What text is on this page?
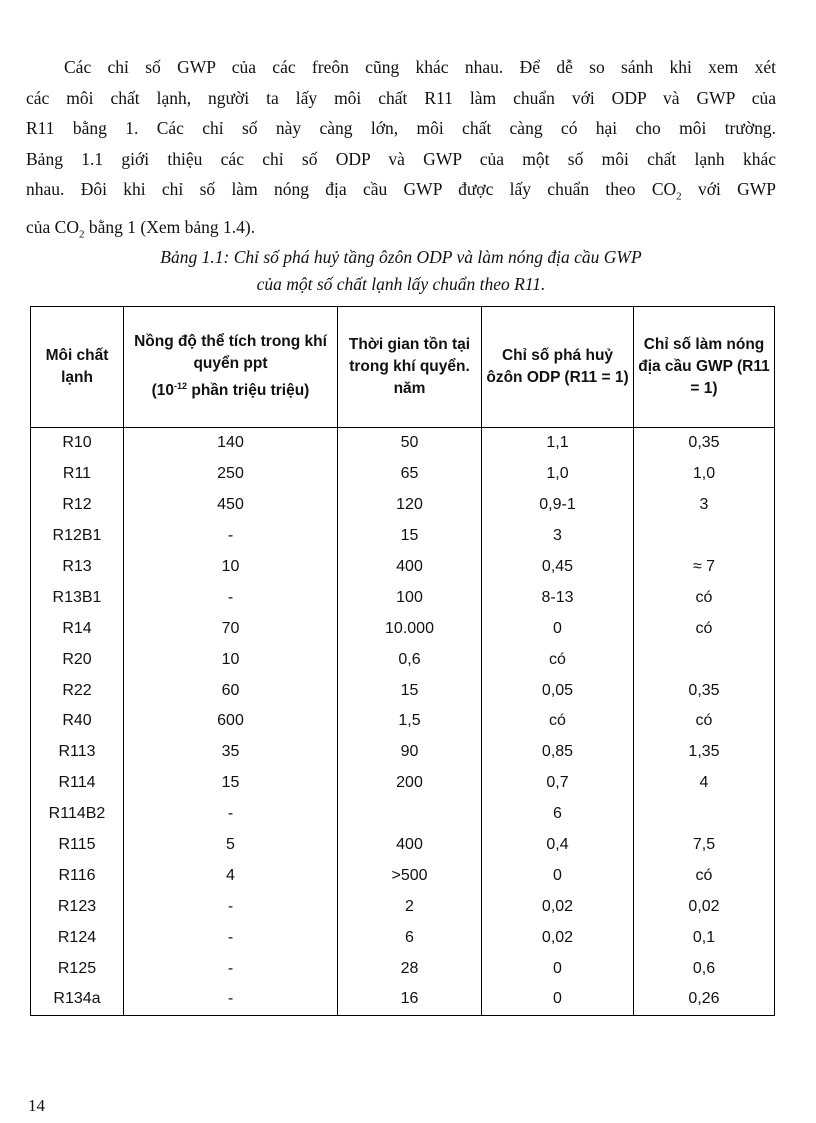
Các chỉ số GWP của các freôn cũng khác nhau. Để dễ so sánh khi xem xét
các môi chất lạnh, người ta lấy môi chất R11 làm chuẩn với ODP và GWP của
R11 bằng 1. Các chỉ số này càng lớn, môi chất càng có hại cho môi trường.
Bảng 1.1 giới thiệu các chỉ số ODP và GWP của một số môi chất lạnh khác
nhau. Đôi khi chỉ số làm nóng địa cầu GWP được lấy chuẩn theo $CO_2$ với GWP
của $CO_2$ bằng 1 (Xem bảng 1.4).

Bảng 1.1: Chỉ số phá huỷ tầng ôzôn ODP và làm nóng địa cầu GWP
của một số chất lạnh lấy chuẩn theo R11.
Môi chất lạnh	Nồng độ thể tích trong khí quyển ppt
($10^{-12}$ phần triệu triệu)	Thời gian tồn tại trong khí quyển. năm	Chỉ số phá huỷ ôzôn ODP (R11 = 1)	Chỉ số làm nóng địa cầu GWP (R11 = 1)
R10	140	50	1,1	0,35
R11	250	65	1,0	1,0
R12	450	120	0,9-1	3
R12B1	-	15	3	
R13	10	400	0,45	≈ 7
R13B1	-	100	8-13	có
R14	70	10.000	0	có
R20	10	0,6	có	
R22	60	15	0,05	0,35
R40	600	1,5	có	có
R113	35	90	0,85	1,35
R114	15	200	0,7	4
R114B2	-		6	
R115	5	400	0,4	7,5
R116	4	>500	0	có
R123	-	2	0,02	0,02
R124	-	6	0,02	0,1
R125	-	28	0	0,6
R134a	-	16	0	0,26
14
